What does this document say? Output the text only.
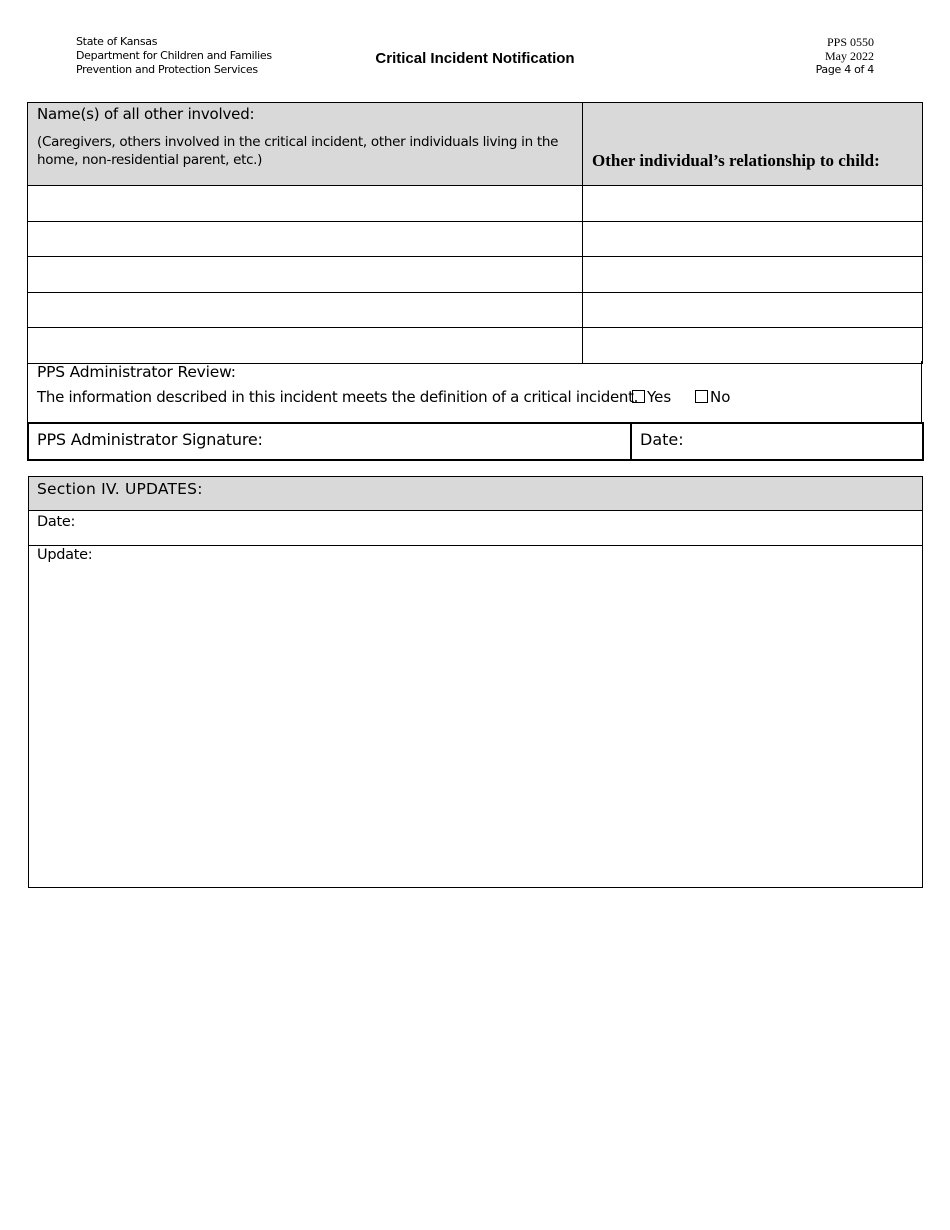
State of Kansas
Department for Children and Families
Prevention and Protection Services
Critical Incident Notification
PPS 0550
May 2022
Page 4 of 4
Name(s) of all other involved:
(Caregivers, others involved in the critical incident, other individuals living in the home, non-residential parent, etc.)	Other individual’s relationship to child:

PPS Administrator Review:
The information described in this incident meets the definition of a critical incident. Yes	No
PPS Administrator Signature:	Date:
Section IV. UPDATES:
Date:
Update:
